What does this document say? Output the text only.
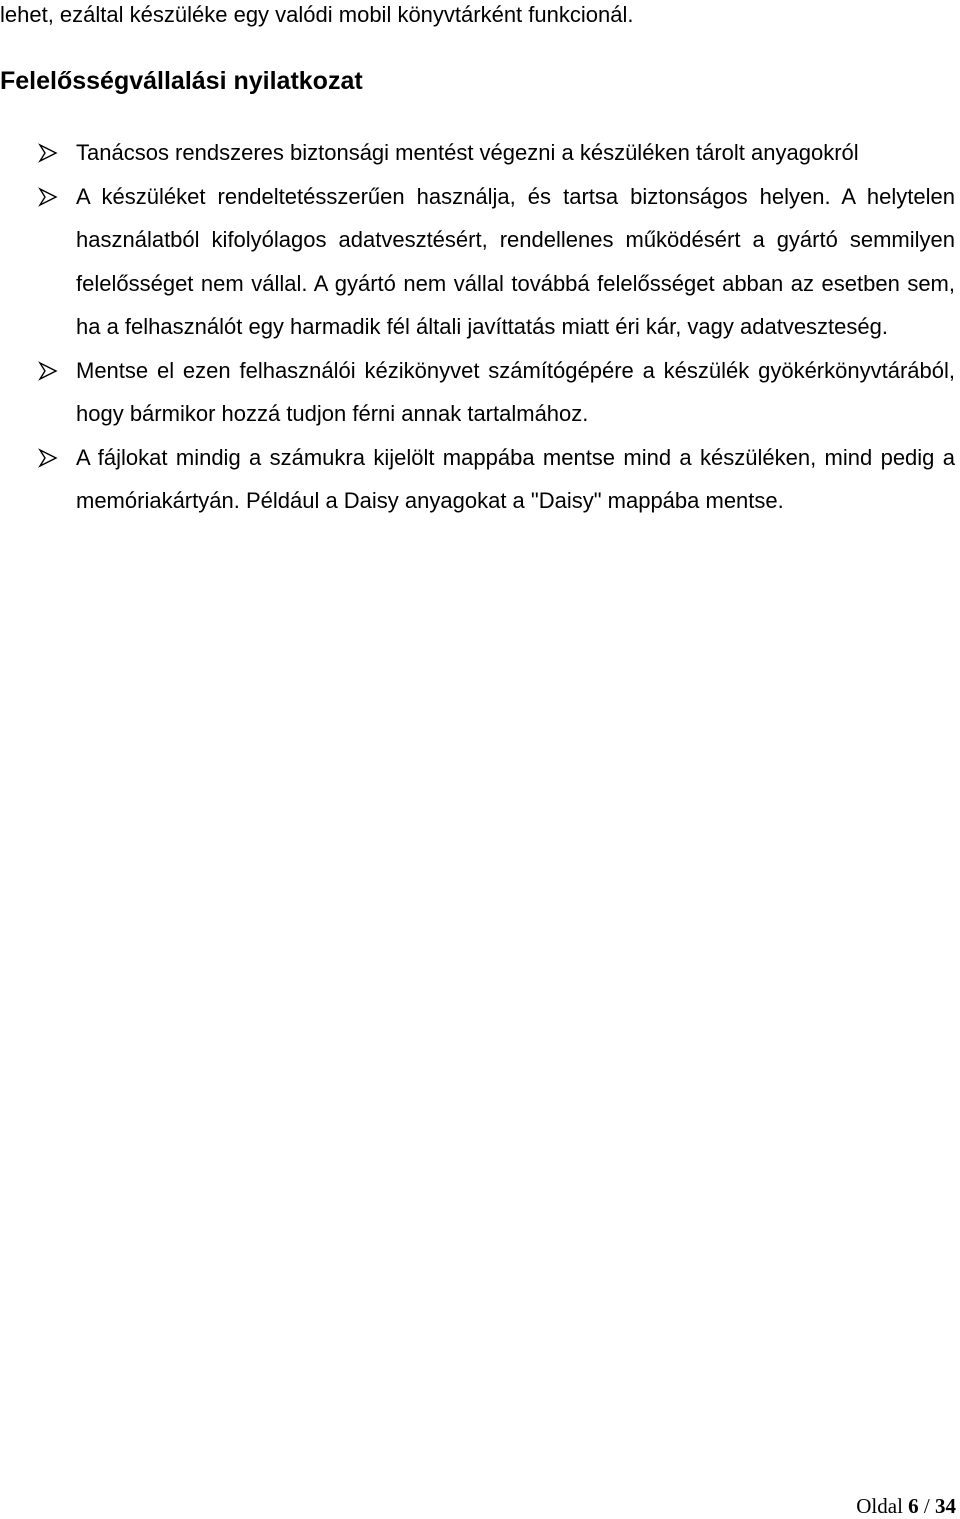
lehet, ezáltal készüléke egy valódi mobil könyvtárként funkcionál.
Felelősségvállalási nyilatkozat
Tanácsos rendszeres biztonsági mentést végezni a készüléken tárolt anyagokról
A készüléket rendeltetésszerűen használja, és tartsa biztonságos helyen. A helytelen használatból kifolyólagos adatvesztésért, rendellenes működésért a gyártó semmilyen felelősséget nem vállal. A gyártó nem vállal továbbá felelősséget abban az esetben sem, ha a felhasználót egy harmadik fél általi javíttatás miatt éri kár, vagy adatveszteség.
Mentse el ezen felhasználói kézikönyvet számítógépére a készülék gyökérkönyvtárából, hogy bármikor hozzá tudjon férni annak tartalmához.
A fájlokat mindig a számukra kijelölt mappába mentse mind a készüléken, mind pedig a memóriakártyán. Például a Daisy anyagokat a "Daisy" mappába mentse.
Oldal 6 / 34
